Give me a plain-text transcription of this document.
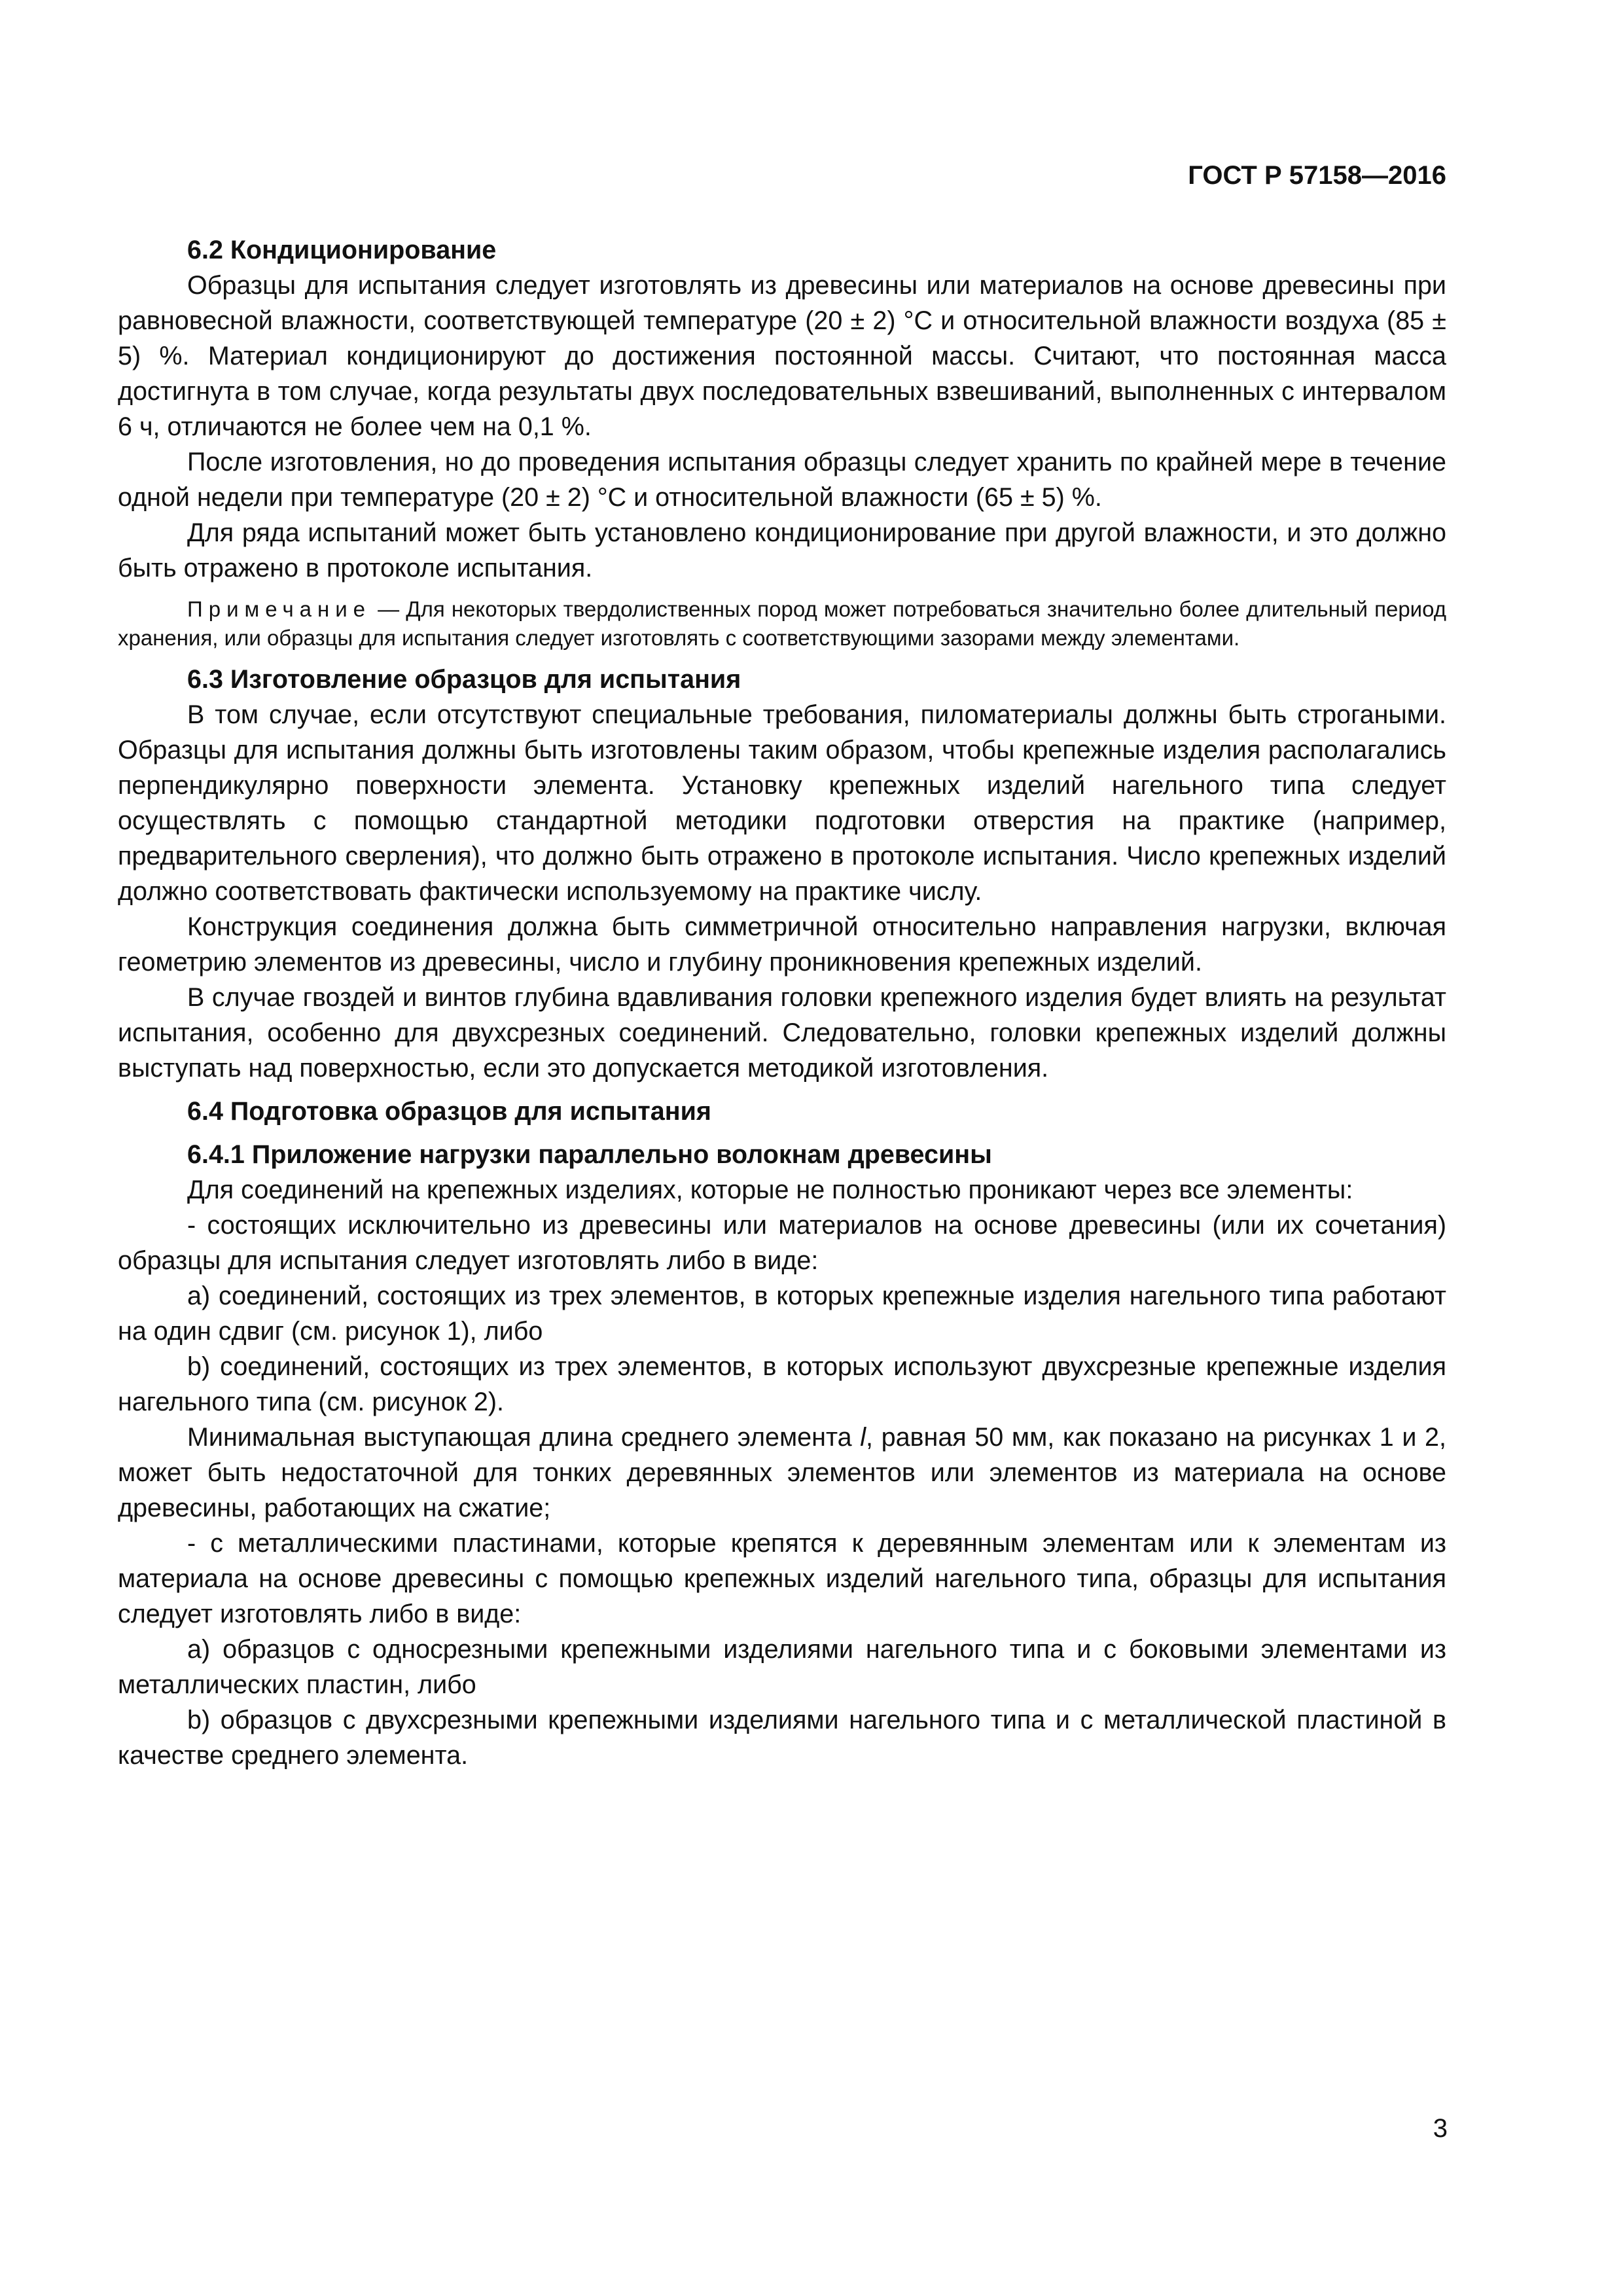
ГОСТ Р 57158—2016

6.2 Кондиционирование

Образцы для испытания следует изготовлять из древесины или материалов на основе древесины при равновесной влажности, соответствующей температуре (20 ± 2) °C и относительной влажности воздуха (85 ± 5) %. Материал кондиционируют до достижения постоянной массы. Считают, что постоянная масса достигнута в том случае, когда результаты двух последовательных взвешиваний, выполненных с интервалом 6 ч, отличаются не более чем на 0,1 %.

После изготовления, но до проведения испытания образцы следует хранить по крайней мере в течение одной недели при температуре (20 ± 2) °C и относительной влажности (65 ± 5) %.

Для ряда испытаний может быть установлено кондиционирование при другой влажности, и это должно быть отражено в протоколе испытания.

Примечание — Для некоторых твердолиственных пород может потребоваться значительно более длительный период хранения, или образцы для испытания следует изготовлять с соответствующими зазорами между элементами.

6.3 Изготовление образцов для испытания

В том случае, если отсутствуют специальные требования, пиломатериалы должны быть строгаными. Образцы для испытания должны быть изготовлены таким образом, чтобы крепежные изделия располагались перпендикулярно поверхности элемента. Установку крепежных изделий нагельного типа следует осуществлять с помощью стандартной методики подготовки отверстия на практике (например, предварительного сверления), что должно быть отражено в протоколе испытания. Число крепежных изделий должно соответствовать фактически используемому на практике числу.

Конструкция соединения должна быть симметричной относительно направления нагрузки, включая геометрию элементов из древесины, число и глубину проникновения крепежных изделий.

В случае гвоздей и винтов глубина вдавливания головки крепежного изделия будет влиять на результат испытания, особенно для двухсрезных соединений. Следовательно, головки крепежных изделий должны выступать над поверхностью, если это допускается методикой изготовления.

6.4 Подготовка образцов для испытания

6.4.1 Приложение нагрузки параллельно волокнам древесины

Для соединений на крепежных изделиях, которые не полностью проникают через все элементы:

- состоящих исключительно из древесины или материалов на основе древесины (или их сочетания) образцы для испытания следует изготовлять либо в виде:

a) соединений, состоящих из трех элементов, в которых крепежные изделия нагельного типа работают на один сдвиг (см. рисунок 1), либо

b) соединений, состоящих из трех элементов, в которых используют двухсрезные крепежные изделия нагельного типа (см. рисунок 2).

Минимальная выступающая длина среднего элемента l, равная 50 мм, как показано на рисунках 1 и 2, может быть недостаточной для тонких деревянных элементов или элементов из материала на основе древесины, работающих на сжатие;

- с металлическими пластинами, которые крепятся к деревянным элементам или к элементам из материала на основе древесины с помощью крепежных изделий нагельного типа, образцы для испытания следует изготовлять либо в виде:

a) образцов с односрезными крепежными изделиями нагельного типа и с боковыми элементами из металлических пластин, либо

b) образцов с двухсрезными крепежными изделиями нагельного типа и с металлической пластиной в качестве среднего элемента.

3
